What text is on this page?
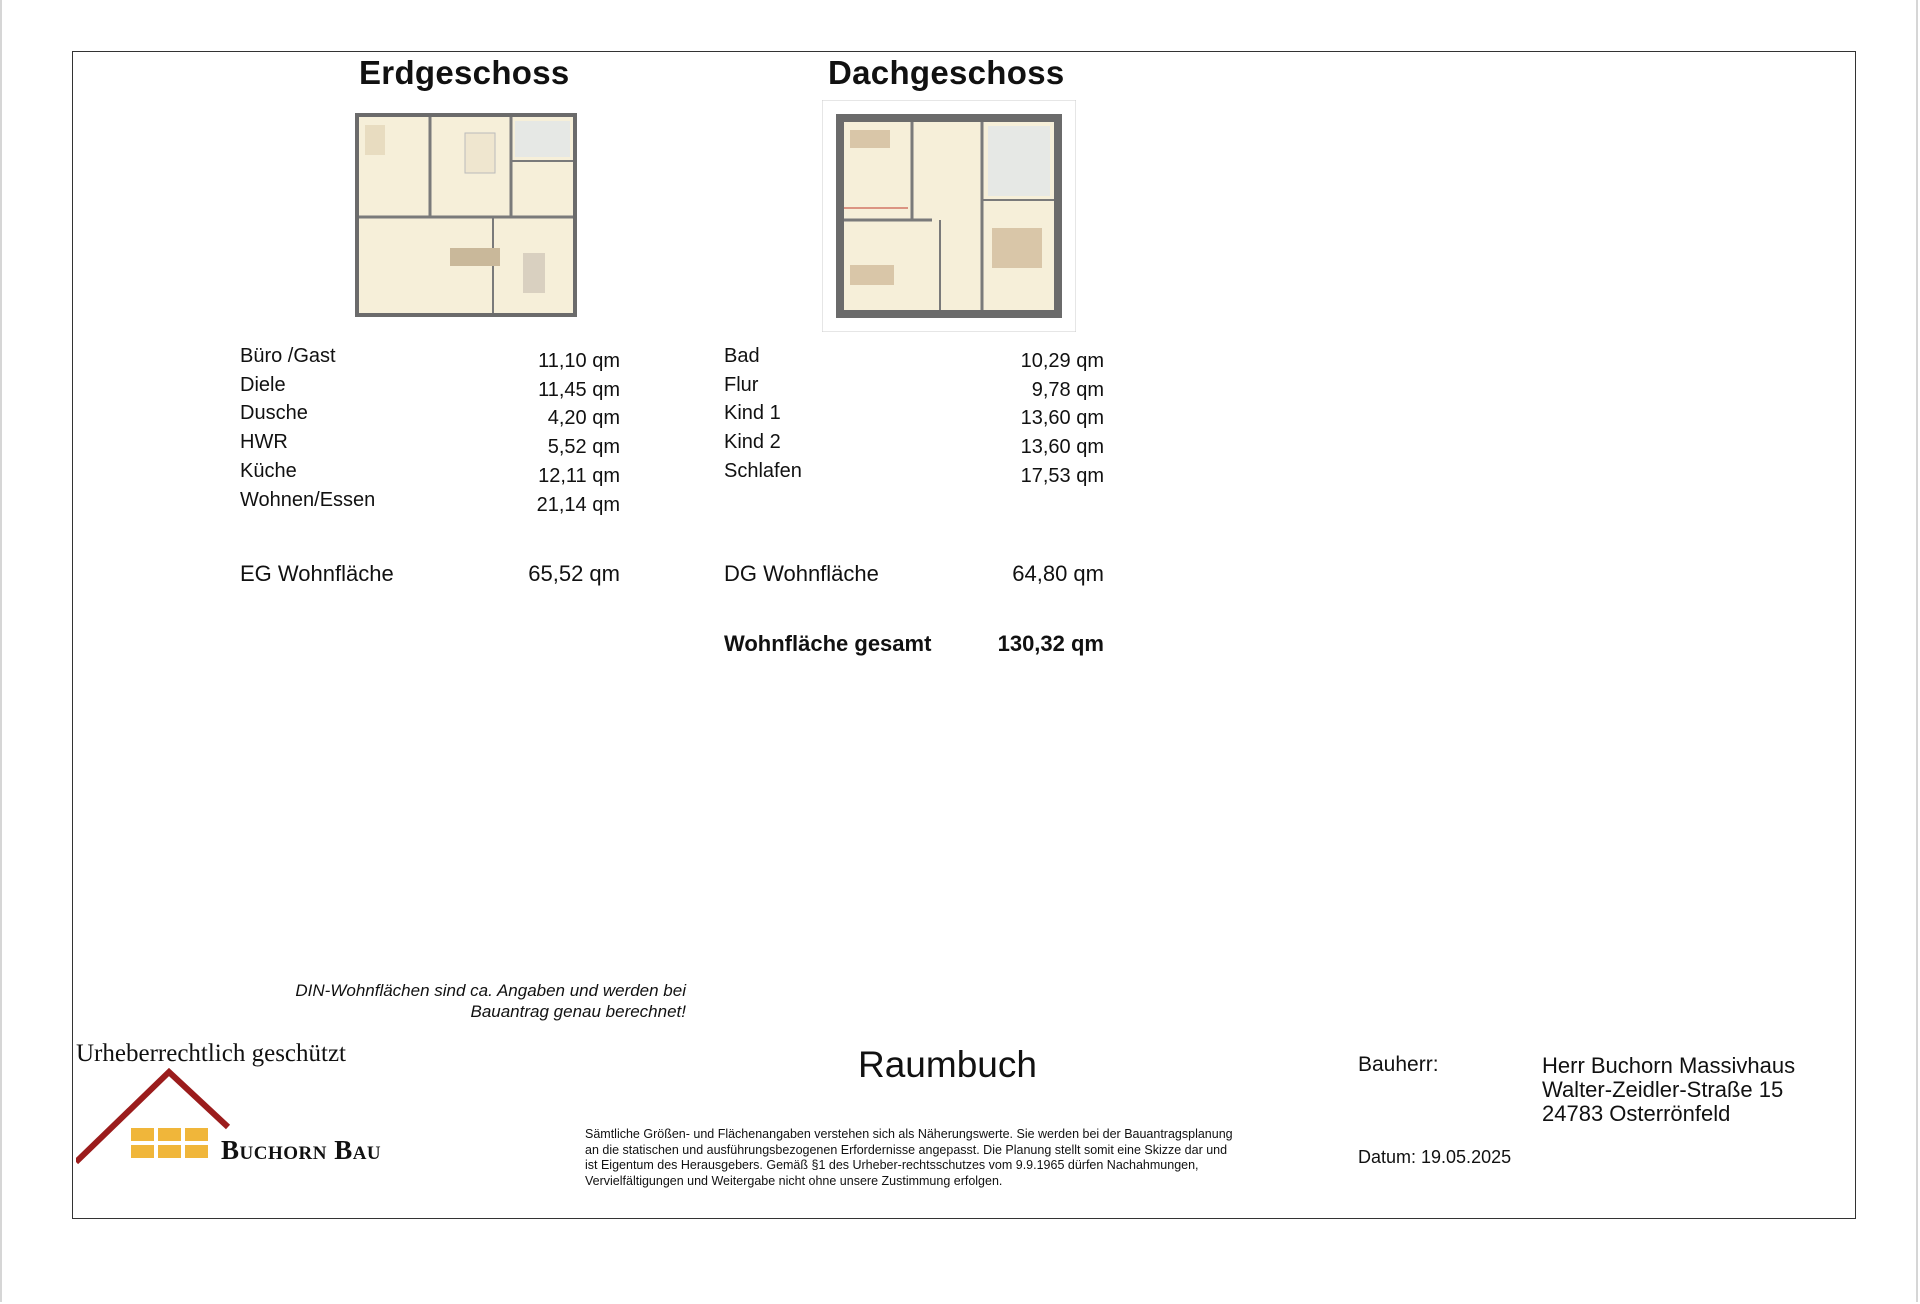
Erdgeschoss	Dachgeschoss
Büro /Gast	11,10 qm
Diele	11,45 qm
Dusche	4,20 qm
HWR	5,52 qm
Küche	12,11 qm
Wohnen/Essen	21,14 qm
Bad	10,29 qm
Flur	9,78 qm
Kind 1	13,60 qm
Kind 2	13,60 qm
Schlafen	17,53 qm
EG Wohnfläche	65,52 qm	DG Wohnfläche	64,80 qm
Wohnfläche gesamt	130,32 qm
DIN-Wohnflächen sind ca. Angaben und werden bei
Bauantrag genau berechnet!
Urheberrechtlich geschützt
Buchorn Bau
Raumbuch
Sämtliche Größen- und Flächenangaben verstehen sich als Näherungswerte. Sie werden bei der Bauantragsplanung
an die statischen und ausführungsbezogenen Erfordernisse angepasst. Die Planung stellt somit eine Skizze dar und
ist Eigentum des Herausgebers. Gemäß §1 des Urheber-rechtsschutzes vom 9.9.1965 dürfen Nachahmungen,
Vervielfältigungen und Weitergabe nicht ohne unsere Zustimmung erfolgen.
Bauherr:	Herr Buchorn Massivhaus
Walter-Zeidler-Straße 15
24783 Osterrönfeld
Datum: 19.05.2025
